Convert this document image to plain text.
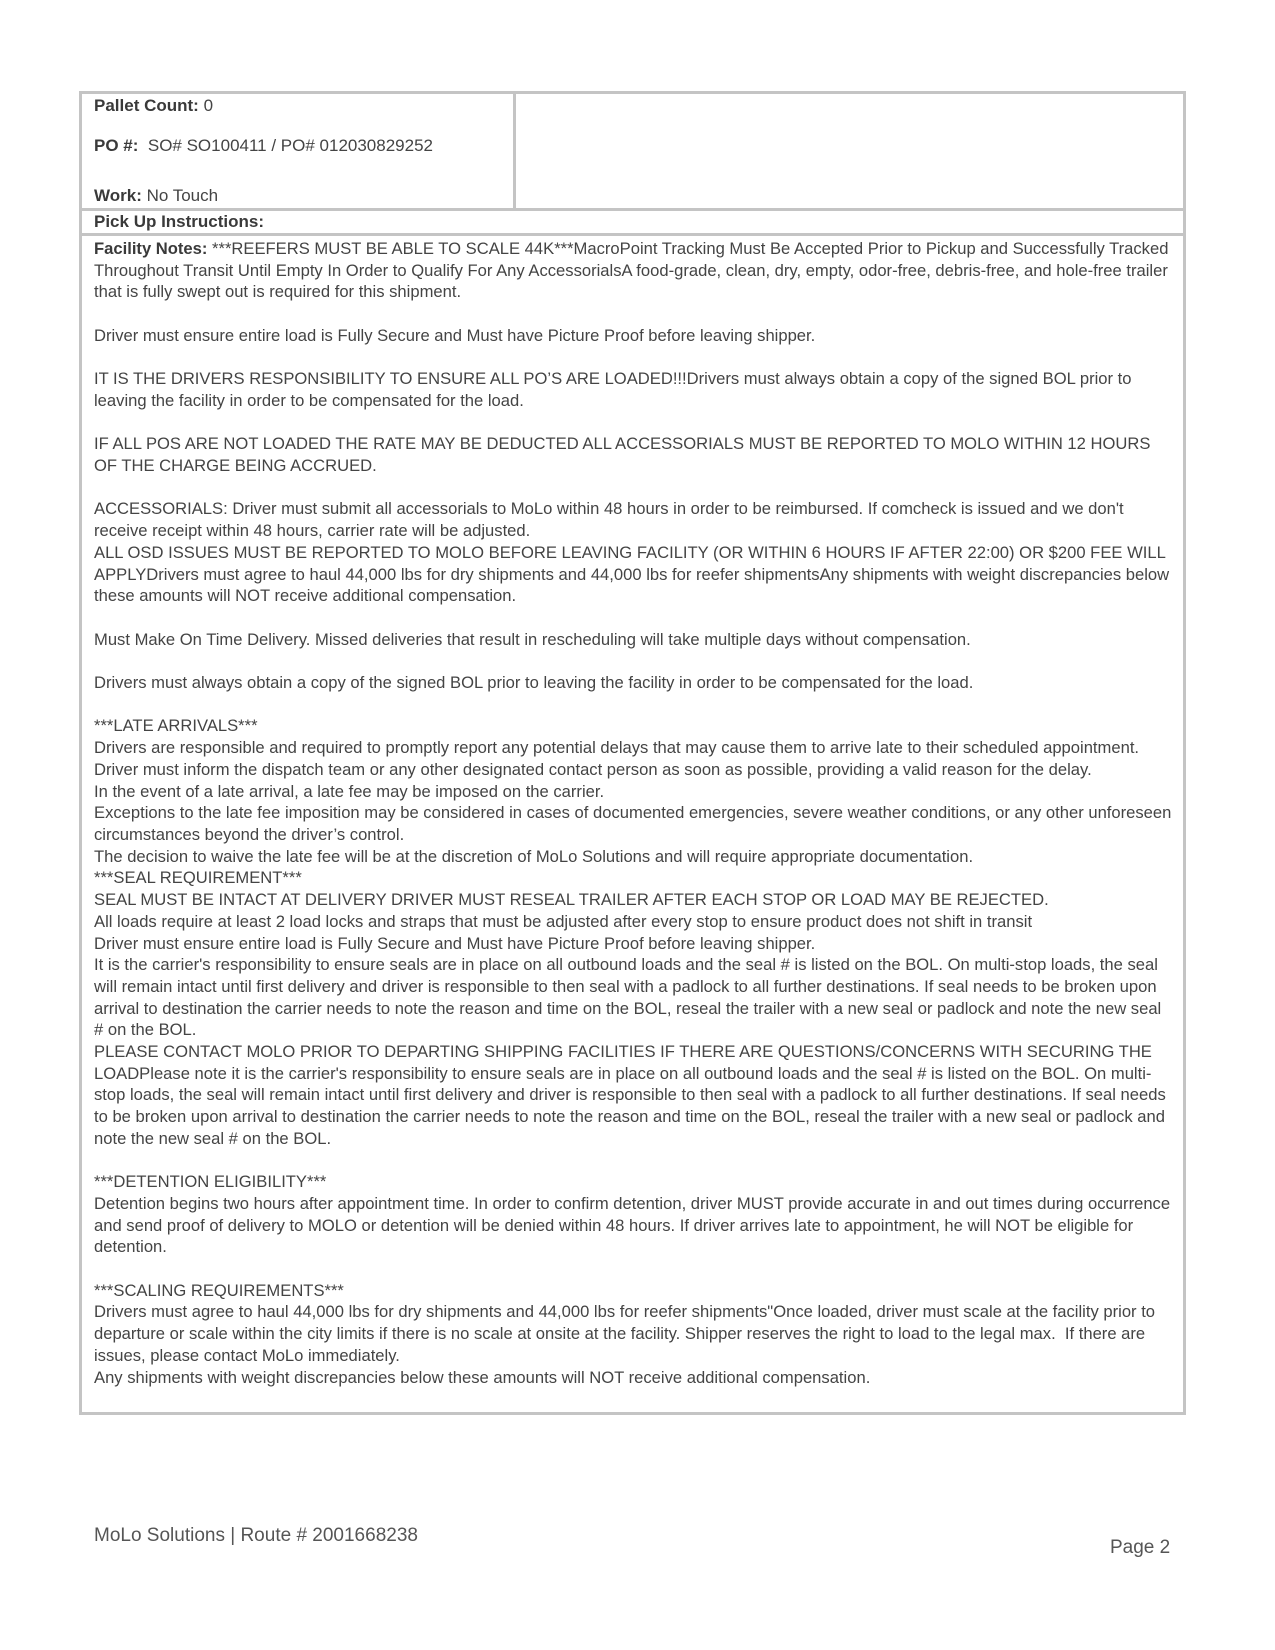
Pallet Count: 0

PO #:  SO# SO100411 / PO# 012030829252

Work: No Touch

Pick Up Instructions:
Facility Notes: ***REEFERS MUST BE ABLE TO SCALE 44K***MacroPoint Tracking Must Be Accepted Prior to Pickup and Successfully Tracked Throughout Transit Until Empty In Order to Qualify For Any AccessorialsA food-grade, clean, dry, empty, odor-free, debris-free, and hole-free trailer that is fully swept out is required for this shipment.

Driver must ensure entire load is Fully Secure and Must have Picture Proof before leaving shipper.

IT IS THE DRIVERS RESPONSIBILITY TO ENSURE ALL PO’S ARE LOADED!!!Drivers must always obtain a copy of the signed BOL prior to leaving the facility in order to be compensated for the load.

IF ALL POS ARE NOT LOADED THE RATE MAY BE DEDUCTED ALL ACCESSORIALS MUST BE REPORTED TO MOLO WITHIN 12 HOURS OF THE CHARGE BEING ACCRUED.

ACCESSORIALS: Driver must submit all accessorials to MoLo within 48 hours in order to be reimbursed. If comcheck is issued and we don't receive receipt within 48 hours, carrier rate will be adjusted.
ALL OSD ISSUES MUST BE REPORTED TO MOLO BEFORE LEAVING FACILITY (OR WITHIN 6 HOURS IF AFTER 22:00) OR $200 FEE WILL APPLYDrivers must agree to haul 44,000 lbs for dry shipments and 44,000 lbs for reefer shipmentsAny shipments with weight discrepancies below these amounts will NOT receive additional compensation.

Must Make On Time Delivery. Missed deliveries that result in rescheduling will take multiple days without compensation.

Drivers must always obtain a copy of the signed BOL prior to leaving the facility in order to be compensated for the load.

***LATE ARRIVALS***
Drivers are responsible and required to promptly report any potential delays that may cause them to arrive late to their scheduled appointment. Driver must inform the dispatch team or any other designated contact person as soon as possible, providing a valid reason for the delay.
In the event of a late arrival, a late fee may be imposed on the carrier.
Exceptions to the late fee imposition may be considered in cases of documented emergencies, severe weather conditions, or any other unforeseen circumstances beyond the driver’s control.
The decision to waive the late fee will be at the discretion of MoLo Solutions and will require appropriate documentation.
***SEAL REQUIREMENT***
SEAL MUST BE INTACT AT DELIVERY DRIVER MUST RESEAL TRAILER AFTER EACH STOP OR LOAD MAY BE REJECTED.
All loads require at least 2 load locks and straps that must be adjusted after every stop to ensure product does not shift in transit
Driver must ensure entire load is Fully Secure and Must have Picture Proof before leaving shipper.
It is the carrier's responsibility to ensure seals are in place on all outbound loads and the seal # is listed on the BOL. On multi-stop loads, the seal will remain intact until first delivery and driver is responsible to then seal with a padlock to all further destinations. If seal needs to be broken upon arrival to destination the carrier needs to note the reason and time on the BOL, reseal the trailer with a new seal or padlock and note the new seal # on the BOL.
PLEASE CONTACT MOLO PRIOR TO DEPARTING SHIPPING FACILITIES IF THERE ARE QUESTIONS/CONCERNS WITH SECURING THE LOADPlease note it is the carrier's responsibility to ensure seals are in place on all outbound loads and the seal # is listed on the BOL. On multi-stop loads, the seal will remain intact until first delivery and driver is responsible to then seal with a padlock to all further destinations. If seal needs to be broken upon arrival to destination the carrier needs to note the reason and time on the BOL, reseal the trailer with a new seal or padlock and note the new seal # on the BOL.

***DETENTION ELIGIBILITY***
Detention begins two hours after appointment time. In order to confirm detention, driver MUST provide accurate in and out times during occurrence and send proof of delivery to MOLO or detention will be denied within 48 hours. If driver arrives late to appointment, he will NOT be eligible for detention.

***SCALING REQUIREMENTS***
Drivers must agree to haul 44,000 lbs for dry shipments and 44,000 lbs for reefer shipments"Once loaded, driver must scale at the facility prior to departure or scale within the city limits if there is no scale at onsite at the facility. Shipper reserves the right to load to the legal max.  If there are issues, please contact MoLo immediately.
Any shipments with weight discrepancies below these amounts will NOT receive additional compensation.
MoLo Solutions | Route # 2001668238
Page 2
